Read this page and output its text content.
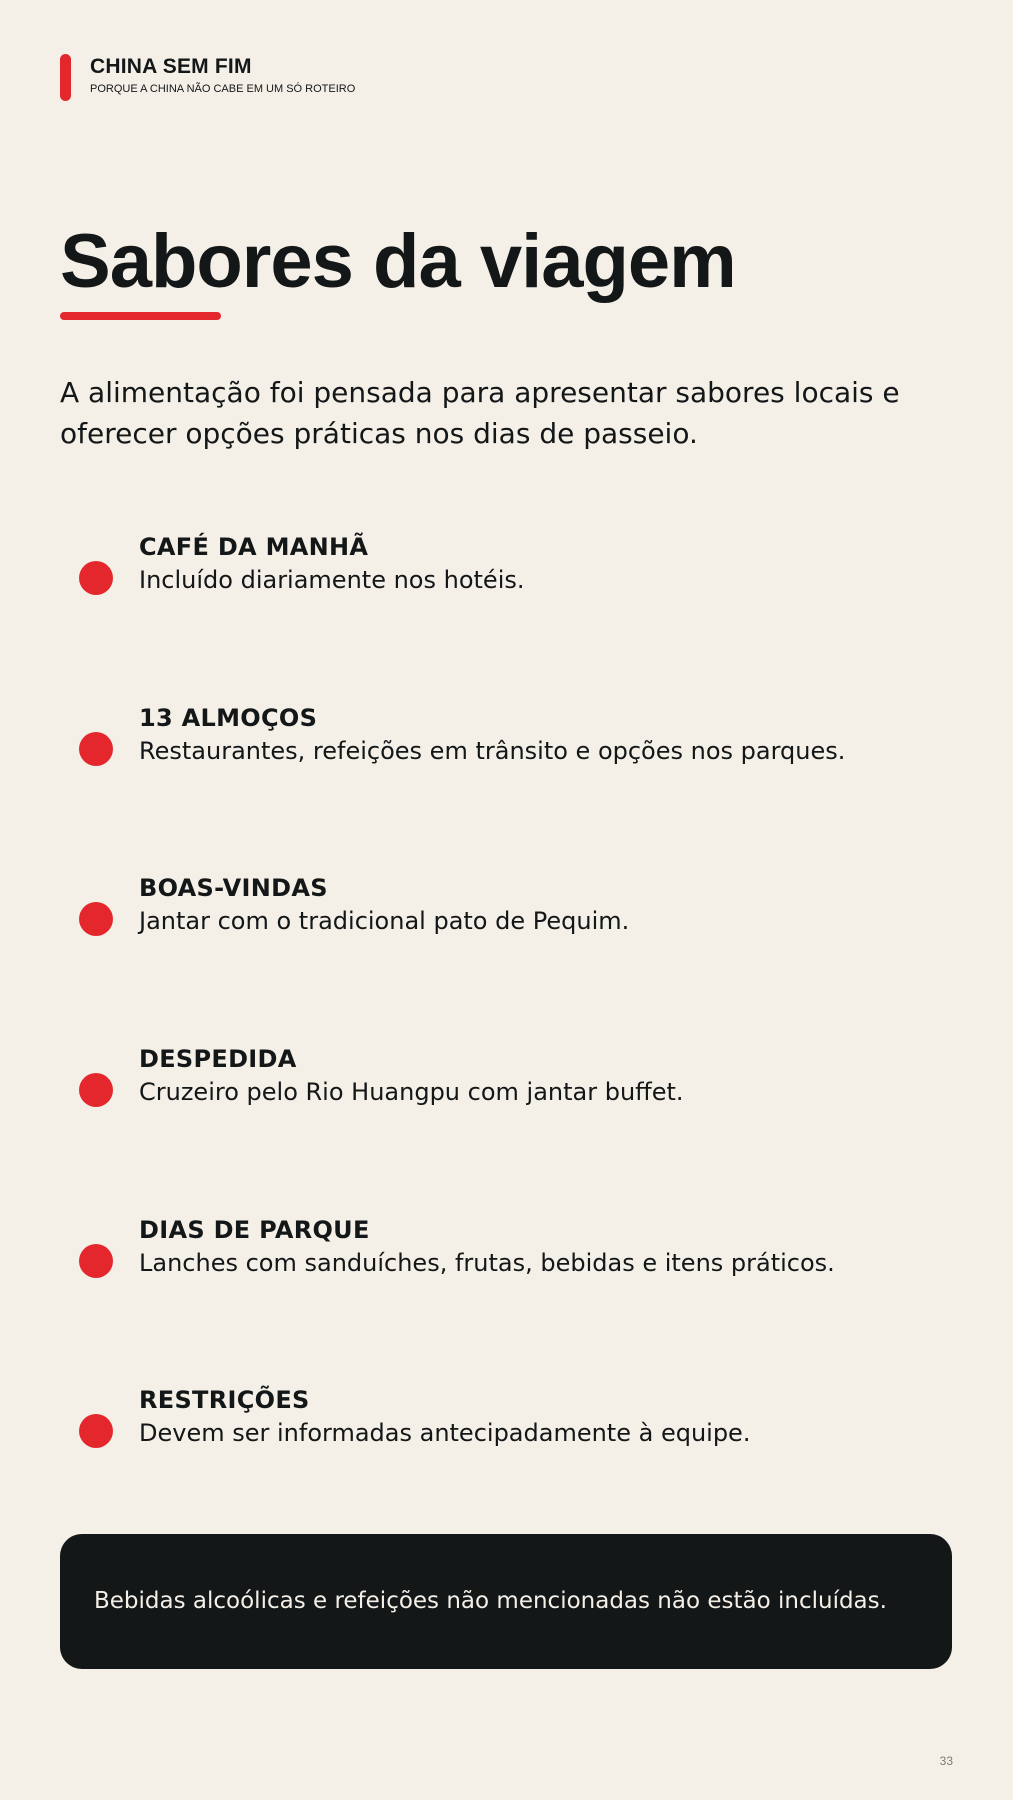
CHINA SEM FIM
PORQUE A CHINA NÃO CABE EM UM SÓ ROTEIRO
Sabores da viagem

A alimentação foi pensada para apresentar sabores locais e oferecer opções práticas nos dias de passeio.

CAFÉ DA MANHÃ
Incluído diariamente nos hotéis.
13 ALMOÇOS
Restaurantes, refeições em trânsito e opções nos parques.
BOAS-VINDAS
Jantar com o tradicional pato de Pequim.
DESPEDIDA
Cruzeiro pelo Rio Huangpu com jantar buffet.
DIAS DE PARQUE
Lanches com sanduíches, frutas, bebidas e itens práticos.
RESTRIÇÕES
Devem ser informadas antecipadamente à equipe.
Bebidas alcoólicas e refeições não mencionadas não estão incluídas.
33
